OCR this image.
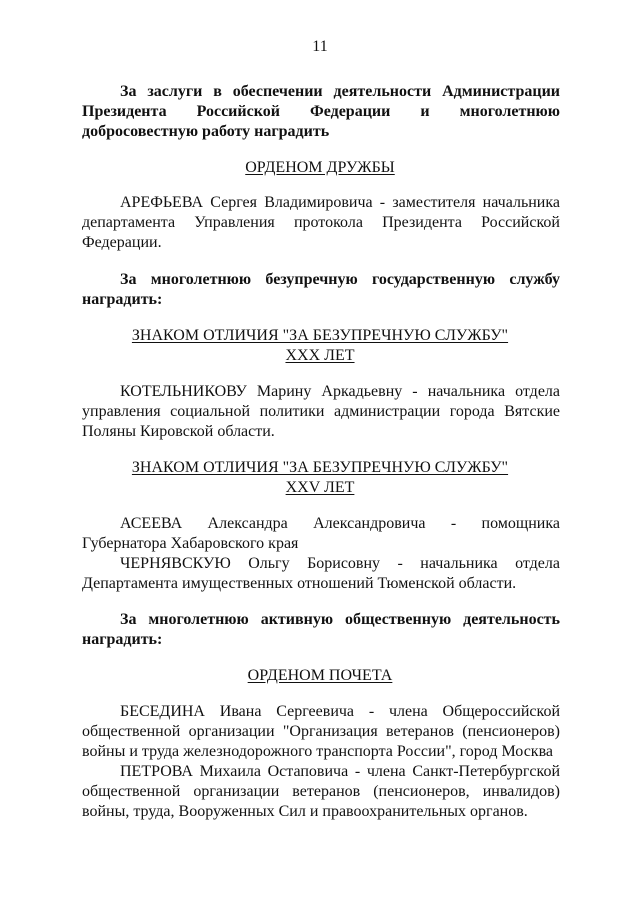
11
За заслуги в обеспечении деятельности Администрации
Президента Российской Федерации и многолетнюю
добросовестную работу наградить
ОРДЕНОМ ДРУЖБЫ
АРЕФЬЕВА Сергея Владимировича - заместителя начальника
департамента Управления протокола Президента Российской
Федерации.
За многолетнюю безупречную государственную службу
наградить:
ЗНАКОМ ОТЛИЧИЯ "ЗА БЕЗУПРЕЧНУЮ СЛУЖБУ"
XXX ЛЕТ
КОТЕЛЬНИКОВУ Марину Аркадьевну - начальника отдела
управления социальной политики администрации города Вятские
Поляны Кировской области.
ЗНАКОМ ОТЛИЧИЯ "ЗА БЕЗУПРЕЧНУЮ СЛУЖБУ"
XXV ЛЕТ
АСЕЕВА Александра Александровича - помощника
Губернатора Хабаровского края
ЧЕРНЯВСКУЮ Ольгу Борисовну - начальника отдела
Департамента имущественных отношений Тюменской области.
За многолетнюю активную общественную деятельность
наградить:
ОРДЕНОМ ПОЧЕТА
БЕСЕДИНА Ивана Сергеевича - члена Общероссийской
общественной организации "Организация ветеранов (пенсионеров)
войны и труда железнодорожного транспорта России", город Москва
ПЕТРОВА Михаила Остаповича - члена Санкт-Петербургской
общественной организации ветеранов (пенсионеров, инвалидов)
войны, труда, Вооруженных Сил и правоохранительных органов.
